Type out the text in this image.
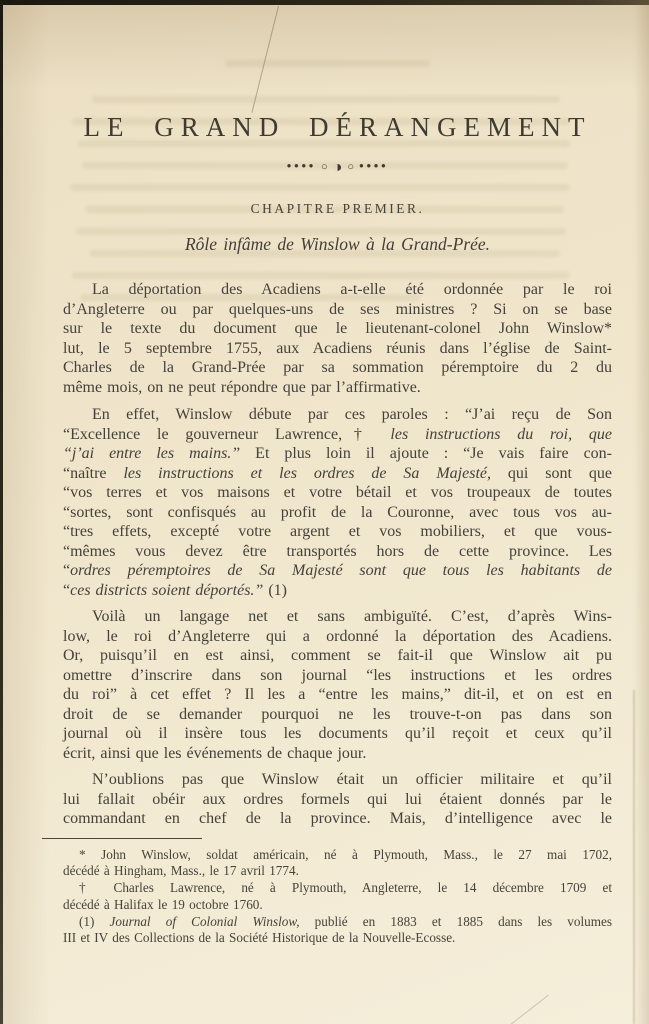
LE GRAND DÉRANGEMENT
●●●● ○ ◑ ○ ●●●●
CHAPITRE PREMIER.
Rôle infâme de Winslow à la Grand-Prée.
La déportation des Acadiens a-t-elle été ordonnée par le roi
d’Angleterre ou par quelques-uns de ses ministres ? Si on se base
sur le texte du document que le lieutenant-colonel John Winslow*
lut, le 5 septembre 1755, aux Acadiens réunis dans l’église de Saint-
Charles de la Grand-Prée par sa sommation péremptoire du 2 du
même mois, on ne peut répondre que par l’affirmative.
En effet, Winslow débute par ces paroles : “J’ai reçu de Son
“Excellence le gouverneur Lawrence,† les instructions du roi, que
“j’ai entre les mains.” Et plus loin il ajoute : “Je vais faire con-
“naître les instructions et les ordres de Sa Majesté, qui sont que
“vos terres et vos maisons et votre bétail et vos troupeaux de toutes
“sortes, sont confisqués au profit de la Couronne, avec tous vos au-
“tres effets, excepté votre argent et vos mobiliers, et que vous-
“mêmes vous devez être transportés hors de cette province. Les
“ordres péremptoires de Sa Majesté sont que tous les habitants de
“ces districts soient déportés.” (1)
Voilà un langage net et sans ambiguïté. C’est, d’après Wins-
low, le roi d’Angleterre qui a ordonné la déportation des Acadiens.
Or, puisqu’il en est ainsi, comment se fait-il que Winslow ait pu
omettre d’inscrire dans son journal “les instructions et les ordres
du roi” à cet effet ? Il les a “entre les mains,” dit-il, et on est en
droit de se demander pourquoi ne les trouve-t-on pas dans son
journal où il insère tous les documents qu’il reçoit et ceux qu’il
écrit, ainsi que les événements de chaque jour.
N’oublions pas que Winslow était un officier militaire et qu’il
lui fallait obéir aux ordres formels qui lui étaient donnés par le
commandant en chef de la province. Mais, d’intelligence avec le
* John Winslow, soldat américain, né à Plymouth, Mass., le 27 mai 1702,
décédé à Hingham, Mass., le 17 avril 1774.
† Charles Lawrence, né à Plymouth, Angleterre, le 14 décembre 1709 et
décédé à Halifax le 19 octobre 1760.
(1) Journal of Colonial Winslow, publié en 1883 et 1885 dans les volumes
III et IV des Collections de la Société Historique de la Nouvelle-Ecosse.
